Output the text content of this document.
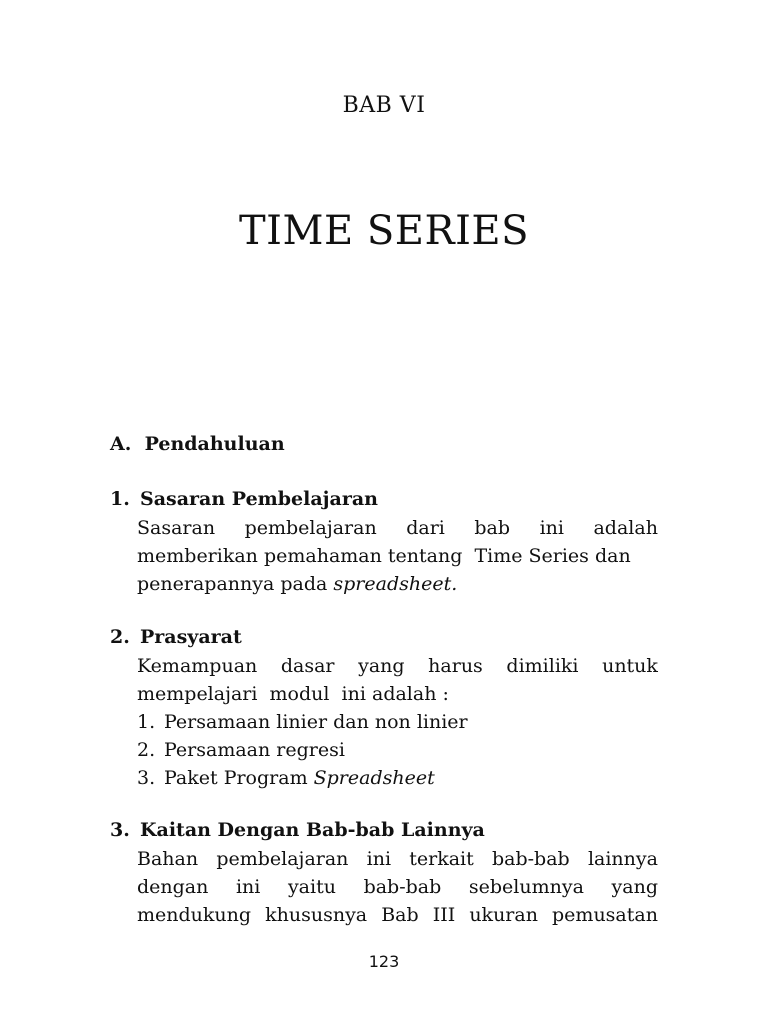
BAB VI
TIME SERIES
A.  Pendahuluan
1. Sasaran Pembelajaran
Sasaran pembelajaran dari bab ini adalah
memberikan pemahaman tentang  Time Series dan
penerapannya pada spreadsheet.
2. Prasyarat
Kemampuan dasar yang harus dimiliki untuk
mempelajari  modul  ini adalah :
1. Persamaan linier dan non linier
2. Persamaan regresi
3. Paket Program Spreadsheet
3. Kaitan Dengan Bab-bab Lainnya
Bahan pembelajaran ini terkait bab-bab lainnya
dengan ini yaitu bab-bab sebelumnya yang
mendukung khususnya Bab III ukuran pemusatan
123
